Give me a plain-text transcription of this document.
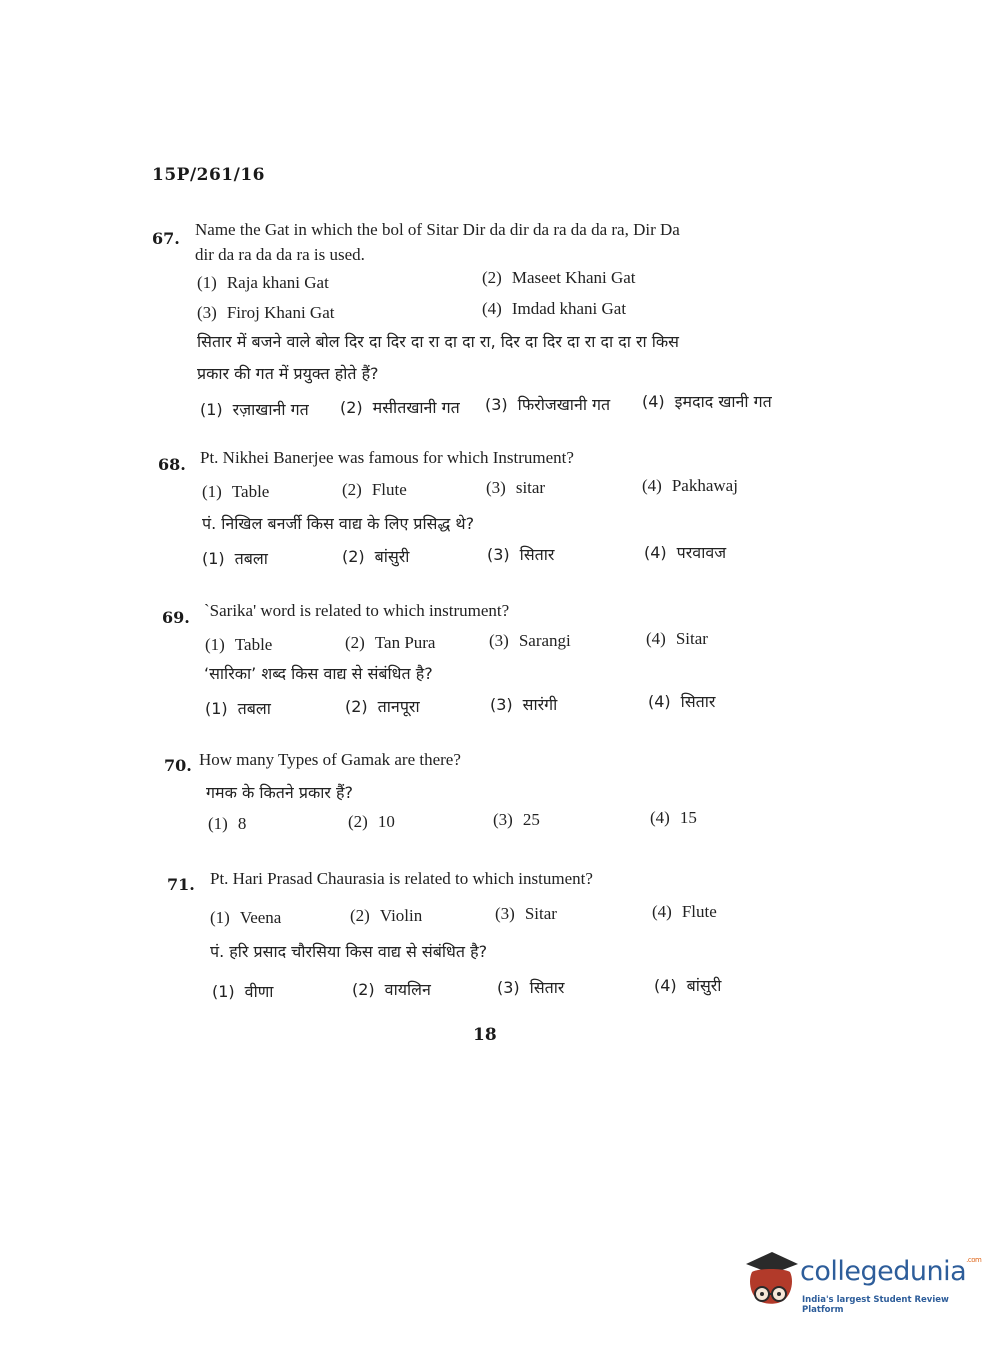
15P/261/16
67. Name the Gat in which the bol of Sitar Dir da dir da ra da da ra, Dir Da
dir da ra da da ra is used.
(1) Raja khani Gat	(2) Maseet Khani Gat
(3) Firoj Khani Gat	(4) Imdad khani Gat
सितार में बजने वाले बोल दिर दा दिर दा रा दा दा रा, दिर दा दिर दा रा दा दा रा किस
प्रकार की गत में प्रयुक्त होते हैं?
(1) रज़ाखानी गत (2) मसीतखानी गत (3) फिरोजखानी गत (4) इमदाद खानी गत
68. Pt. Nikhei Banerjee was famous for which Instrument?
(1) Table	(2) Flute	(3) sitar	(4) Pakhawaj
पं. निखिल बनर्जी किस वाद्य के लिए प्रसिद्ध थे?
(1) तबला	(2) बांसुरी	(3) सितार	(4) परवावज
69. `Sarika' word is related to which instrument?
(1) Table	(2) Tan Pura	(3) Sarangi	(4) Sitar
‘सारिका’ शब्द किस वाद्य से संबंधित है?
(1) तबला	(2) तानपूरा	(3) सारंगी	(4) सितार
70. How many Types of Gamak are there?
गमक के कितने प्रकार हैं?
(1) 8	(2) 10	(3) 25	(4) 15
71. Pt. Hari Prasad Chaurasia is related to which instument?
(1) Veena	(2) Violin	(3) Sitar	(4) Flute
पं. हरि प्रसाद चौरसिया किस वाद्य से संबंधित है?
(1) वीणा	(2) वायलिन	(3) सितार	(4) बांसुरी
18
collegedunia$^{.com}$
India's largest Student Review Platform
